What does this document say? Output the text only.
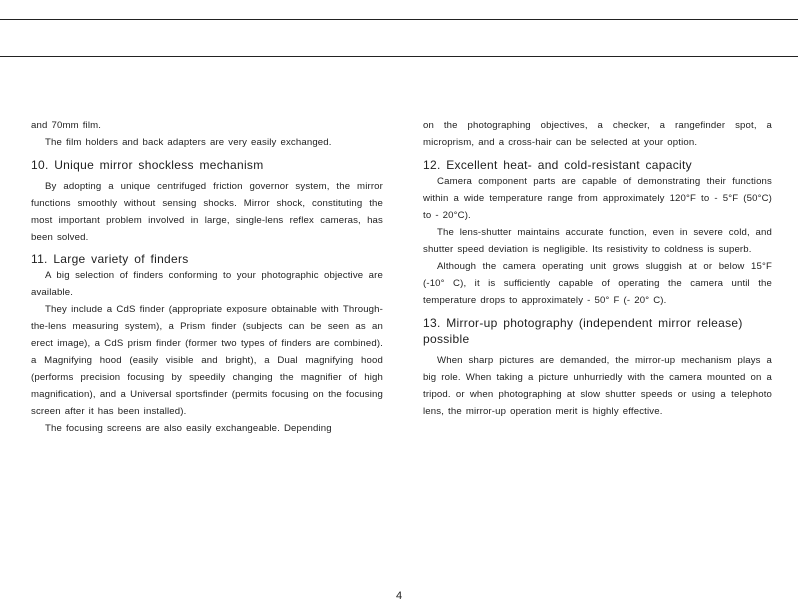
and 70mm film.

The film holders and back adapters are very easily exchanged.

10. Unique mirror shockless mechanism

By adopting a unique centrifuged friction governor system, the mirror functions smoothly without sensing shocks. Mirror shock, constituting the most important problem involved in large, single-lens reflex cameras, has been solved.

11. Large variety of finders

A big selection of finders conforming to your photographic objective are available.

They include a CdS finder (appropriate exposure obtainable with Through-the-lens measuring system), a Prism finder (subjects can be seen as an erect image), a CdS prism finder (former two types of finders are combined). a Magnifying hood (easily visible and bright), a Dual magnifying hood (performs precision focusing by speedily changing the magnifier of high magnification), and a Universal sportsfinder (permits focusing on the focusing screen after it has been installed).

The focusing screens are also easily exchangeable. Depending

on the photographing objectives, a checker, a rangefinder spot, a microprism, and a cross-hair can be selected at your option.

12. Excellent heat- and cold-resistant capacity

Camera component parts are capable of demonstrating their functions within a wide temperature range from approximately 120°F to - 5°F (50°C) to - 20°C).

The lens-shutter maintains accurate function, even in severe cold, and shutter speed deviation is negligible. Its resistivity to coldness is superb.

Although the camera operating unit grows sluggish at or below 15°F (-10° C), it is sufficiently capable of operating the camera until the temperature drops to approximately - 50° F (- 20° C).

13. Mirror-up photography (independent mirror release) possible

When sharp pictures are demanded, the mirror-up mechanism plays a big role. When taking a picture unhurriedly with the camera mounted on a tripod. or when photographing at slow shutter speeds or using a telephoto lens, the mirror-up operation merit is highly effective.

4
